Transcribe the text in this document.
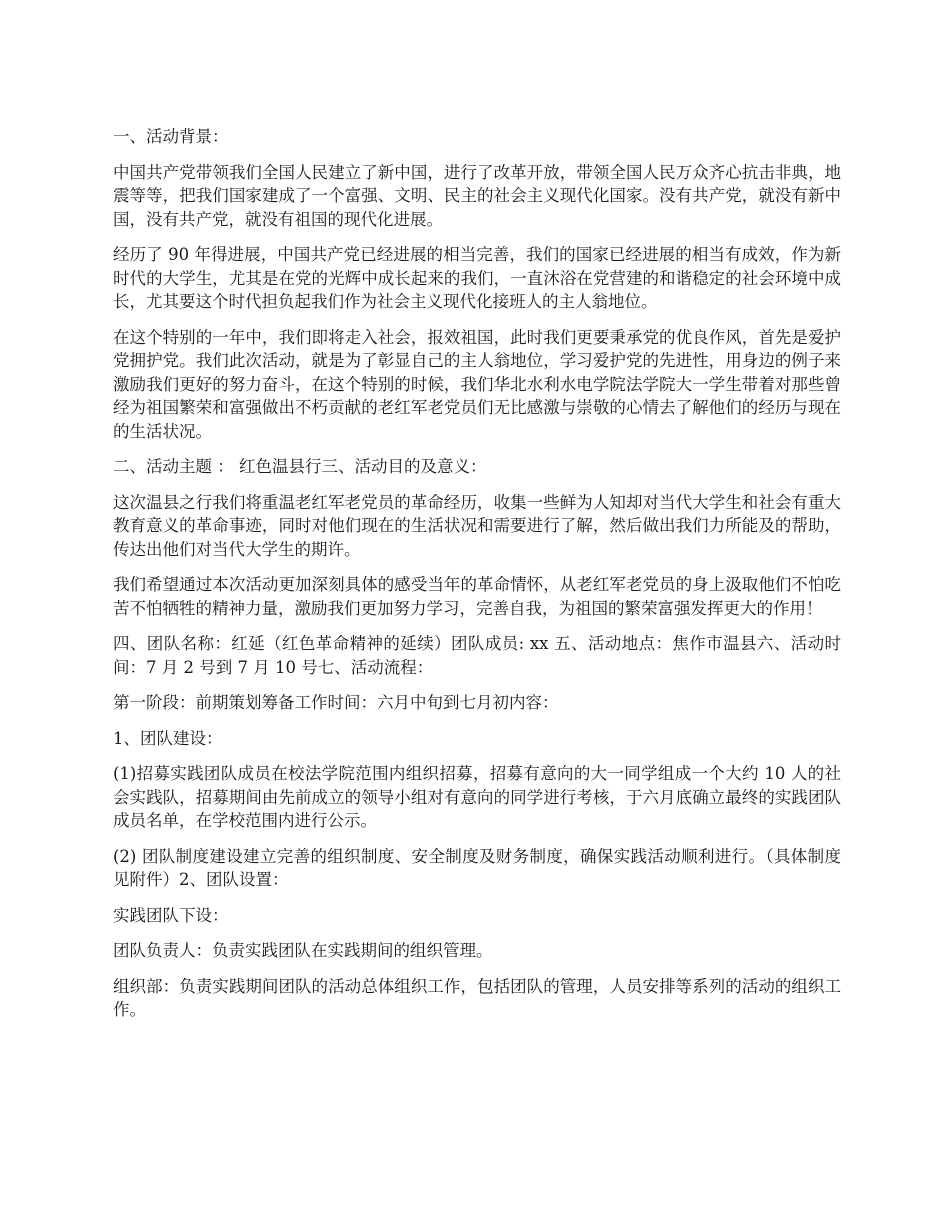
一、活动背景：

中国共产党带领我们全国人民建立了新中国，进行了改革开放，带领全国人民万众齐心抗击非典，地震等等，把我们国家建成了一个富强、文明、民主的社会主义现代化国家。没有共产党，就没有新中国，没有共产党，就没有祖国的现代化进展。

经历了 90 年得进展，中国共产党已经进展的相当完善，我们的国家已经进展的相当有成效，作为新时代的大学生，尤其是在党的光辉中成长起来的我们，一直沐浴在党营建的和谐稳定的社会环境中成长，尤其要这个时代担负起我们作为社会主义现代化接班人的主人翁地位。

在这个特别的一年中，我们即将走入社会，报效祖国，此时我们更要秉承党的优良作风，首先是爱护党拥护党。我们此次活动，就是为了彰显自己的主人翁地位，学习爱护党的先进性，用身边的例子来激励我们更好的努力奋斗，在这个特别的时候，我们华北水利水电学院法学院大一学生带着对那些曾经为祖国繁荣和富强做出不朽贡献的老红军老党员们无比感激与崇敬的心情去了解他们的经历与现在的生活状况。

二、活动主题 ： 红色温县行三、活动目的及意义：

这次温县之行我们将重温老红军老党员的革命经历，收集一些鲜为人知却对当代大学生和社会有重大教育意义的革命事迹，同时对他们现在的生活状况和需要进行了解，然后做出我们力所能及的帮助，传达出他们对当代大学生的期许。

我们希望通过本次活动更加深刻具体的感受当年的革命情怀，从老红军老党员的身上汲取他们不怕吃苦不怕牺牲的精神力量，激励我们更加努力学习，完善自我，为祖国的繁荣富强发挥更大的作用！

四、团队名称：红延（红色革命精神的延续）团队成员: xx 五、活动地点：焦作市温县六、活动时间：7 月 2 号到 7 月 10 号七、活动流程：

第一阶段：前期策划筹备工作时间：六月中旬到七月初内容：

1、团队建设：

(1)招募实践团队成员在校法学院范围内组织招募，招募有意向的大一同学组成一个大约 10 人的社会实践队，招募期间由先前成立的领导小组对有意向的同学进行考核，于六月底确立最终的实践团队成员名单，在学校范围内进行公示。

(2) 团队制度建设建立完善的组织制度、安全制度及财务制度，确保实践活动顺利进行。（具体制度见附件）2、团队设置：

实践团队下设：

团队负责人：负责实践团队在实践期间的组织管理。

组织部：负责实践期间团队的活动总体组织工作，包括团队的管理，人员安排等系列的活动的组织工作。
